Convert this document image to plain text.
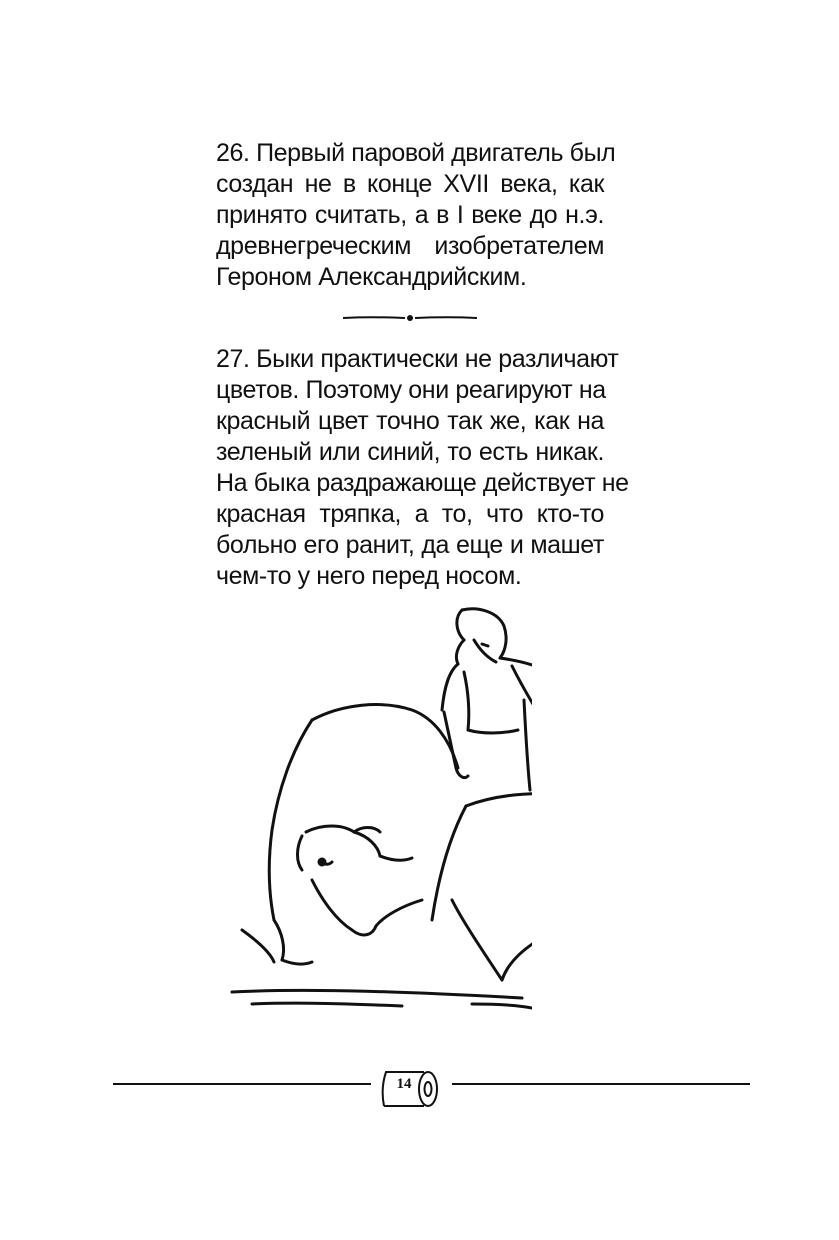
26. Первый паровой двигатель был
создан не в конце XVII века, как
принято считать, а в I веке до н.э.
древнегреческим изобретателем
Героном Александрийским.

27. Быки практически не различают
цветов. Поэтому они реагируют на
красный цвет точно так же, как на
зеленый или синий, то есть никак.
На быка раздражающе действует не
красная тряпка, а то, что кто-то
больно его ранит, да еще и машет
чем-то у него перед носом.

14
